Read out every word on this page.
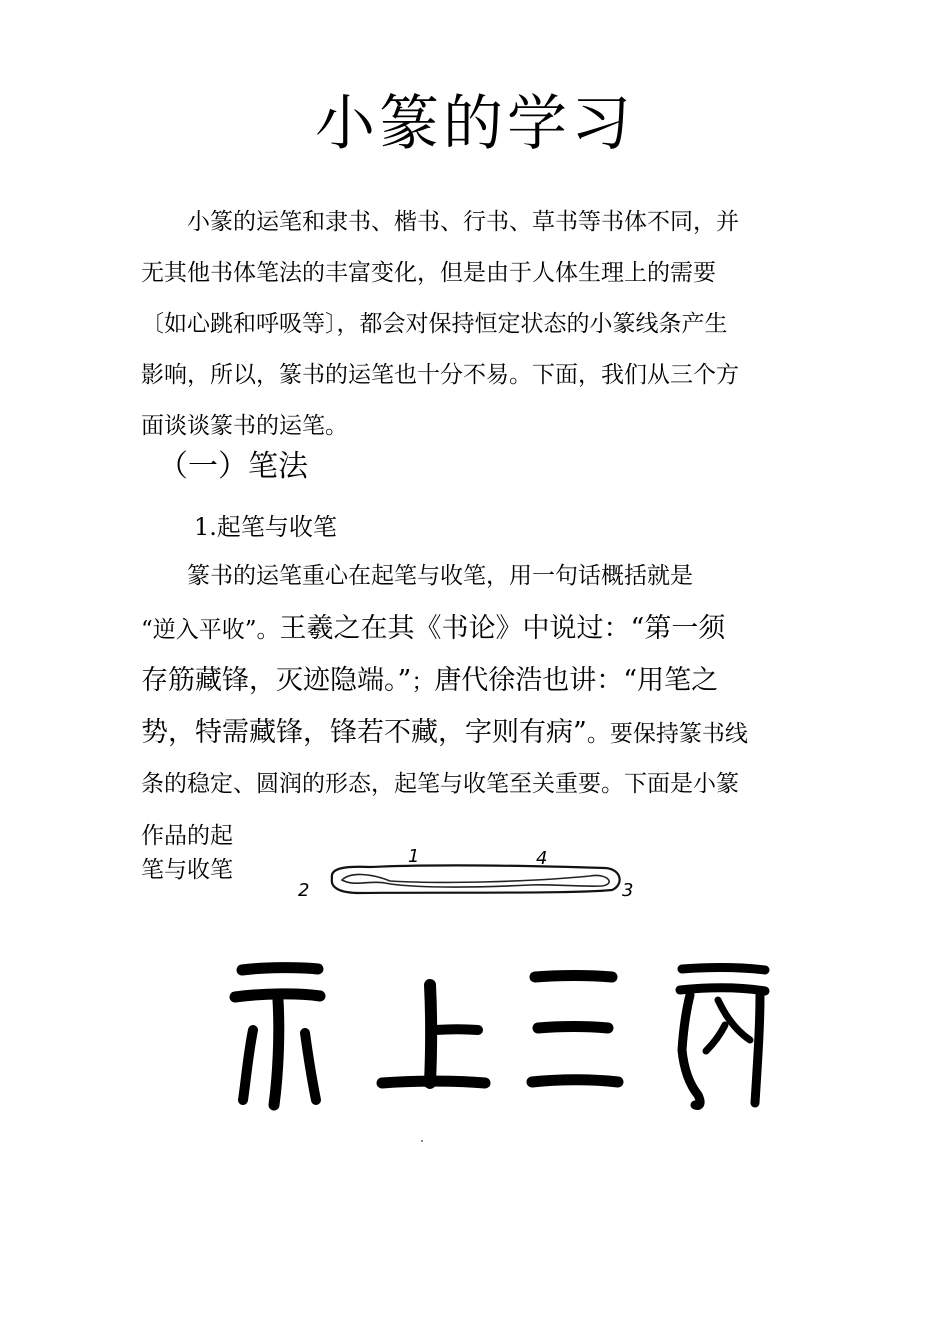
小篆的学习
　　小篆的运笔和隶书、楷书、行书、草书等书体不同，并
无其他书体笔法的丰富变化，但是由于人体生理上的需要
〔如心跳和呼吸等〕，都会对保持恒定状态的小篆线条产生
影响，所以，篆书的运笔也十分不易。下面，我们从三个方
面谈谈篆书的运笔。
（一）笔法
1.起笔与收笔
　　篆书的运笔重心在起笔与收笔，用一句话概括就是
“逆入平收”。王羲之在其《书论》中说过：“第一须
存筋藏锋，灭迹隐端。”；唐代徐浩也讲：“用笔之
势，特需藏锋，锋若不藏，字则有病”。要保持篆书线
条的稳定、圆润的形态，起笔与收笔至关重要。下面是小篆
作品的起
笔与收笔
1	4
2	3
